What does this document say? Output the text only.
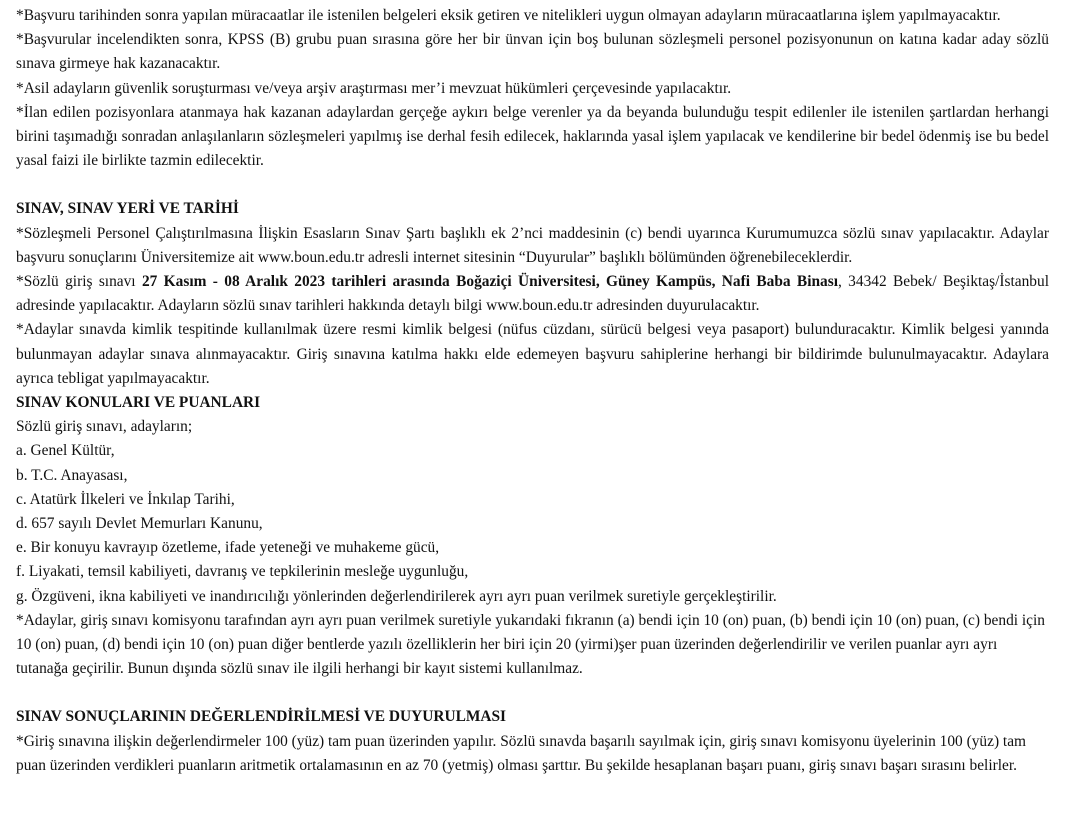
*Başvuru tarihinden sonra yapılan müracaatlar ile istenilen belgeleri eksik getiren ve nitelikleri uygun olmayan adayların müracaatlarına işlem yapılmayacaktır.

*Başvurular incelendikten sonra, KPSS (B) grubu puan sırasına göre her bir ünvan için boş bulunan sözleşmeli personel pozisyonunun on katına kadar aday sözlü sınava girmeye hak kazanacaktır.

*Asil adayların güvenlik soruşturması ve/veya arşiv araştırması mer’i mevzuat hükümleri çerçevesinde yapılacaktır.

*İlan edilen pozisyonlara atanmaya hak kazanan adaylardan gerçeğe aykırı belge verenler ya da beyanda bulunduğu tespit edilenler ile istenilen şartlardan herhangi birini taşımadığı sonradan anlaşılanların sözleşmeleri yapılmış ise derhal fesih edilecek, haklarında yasal işlem yapılacak ve kendilerine bir bedel ödenmiş ise bu bedel yasal faizi ile birlikte tazmin edilecektir.

SINAV, SINAV YERİ VE TARİHİ

*Sözleşmeli Personel Çalıştırılmasına İlişkin Esasların Sınav Şartı başlıklı ek 2’nci maddesinin (c) bendi uyarınca Kurumumuzca sözlü sınav yapılacaktır. Adaylar başvuru sonuçlarını Üniversitemize ait www.boun.edu.tr adresli internet sitesinin “Duyurular” başlıklı bölümünden öğrenebileceklerdir.

*Sözlü giriş sınavı 27 Kasım - 08 Aralık 2023 tarihleri arasında Boğaziçi Üniversitesi, Güney Kampüs, Nafi Baba Binası, 34342 Bebek/ Beşiktaş/İstanbul adresinde yapılacaktır. Adayların sözlü sınav tarihleri hakkında detaylı bilgi www.boun.edu.tr adresinden duyurulacaktır.

*Adaylar sınavda kimlik tespitinde kullanılmak üzere resmi kimlik belgesi (nüfus cüzdanı, sürücü belgesi veya pasaport) bulunduracaktır. Kimlik belgesi yanında bulunmayan adaylar sınava alınmayacaktır. Giriş sınavına katılma hakkı elde edemeyen başvuru sahiplerine herhangi bir bildirimde bulunulmayacaktır. Adaylara ayrıca tebligat yapılmayacaktır.

SINAV KONULARI VE PUANLARI

Sözlü giriş sınavı, adayların;

a. Genel Kültür,

b. T.C. Anayasası,

c. Atatürk İlkeleri ve İnkılap Tarihi,

d. 657 sayılı Devlet Memurları Kanunu,

e. Bir konuyu kavrayıp özetleme, ifade yeteneği ve muhakeme gücü,

f. Liyakati, temsil kabiliyeti, davranış ve tepkilerinin mesleğe uygunluğu,

g. Özgüveni, ikna kabiliyeti ve inandırıcılığı yönlerinden değerlendirilerek ayrı ayrı puan verilmek suretiyle gerçekleştirilir.

*Adaylar, giriş sınavı komisyonu tarafından ayrı ayrı puan verilmek suretiyle yukarıdaki fıkranın (a) bendi için 10 (on) puan, (b) bendi için 10 (on) puan, (c) bendi için 10 (on) puan, (d) bendi için 10 (on) puan diğer bentlerde yazılı özelliklerin her biri için 20 (yirmi)şer puan üzerinden değerlendirilir ve verilen puanlar ayrı ayrı tutanağa geçirilir. Bunun dışında sözlü sınav ile ilgili herhangi bir kayıt sistemi kullanılmaz.

SINAV SONUÇLARININ DEĞERLENDİRİLMESİ VE DUYURULMASI

*Giriş sınavına ilişkin değerlendirmeler 100 (yüz) tam puan üzerinden yapılır. Sözlü sınavda başarılı sayılmak için, giriş sınavı komisyonu üyelerinin 100 (yüz) tam puan üzerinden verdikleri puanların aritmetik ortalamasının en az 70 (yetmiş) olması şarttır. Bu şekilde hesaplanan başarı puanı, giriş sınavı başarı sırasını belirler.
